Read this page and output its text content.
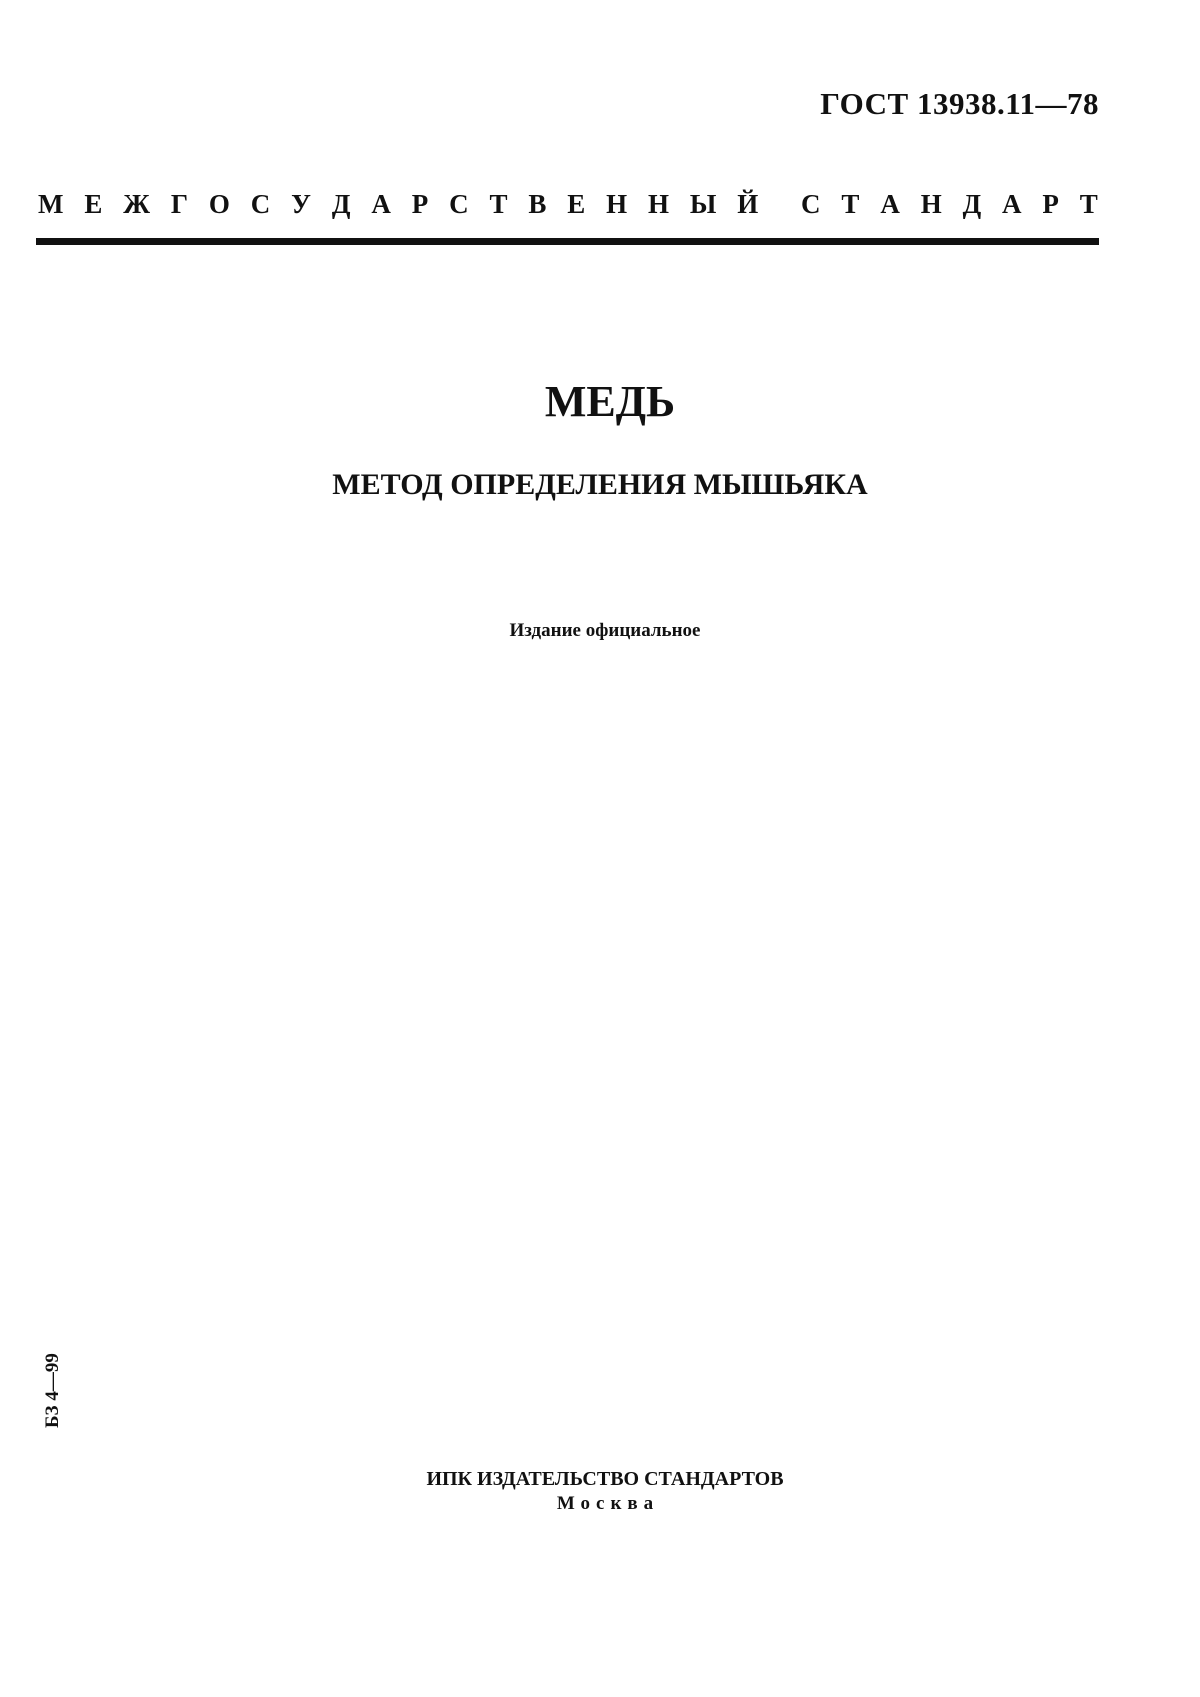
ГОСТ 13938.11—78
М Е Ж Г О С У Д А Р С Т В Е Н Н Ы Й С Т А Н Д А Р Т
МЕДЬ
МЕТОД ОПРЕДЕЛЕНИЯ МЫШЬЯКА
Издание официальное
БЗ 4—99
ИПК ИЗДАТЕЛЬСТВО СТАНДАРТОВ
Москва
